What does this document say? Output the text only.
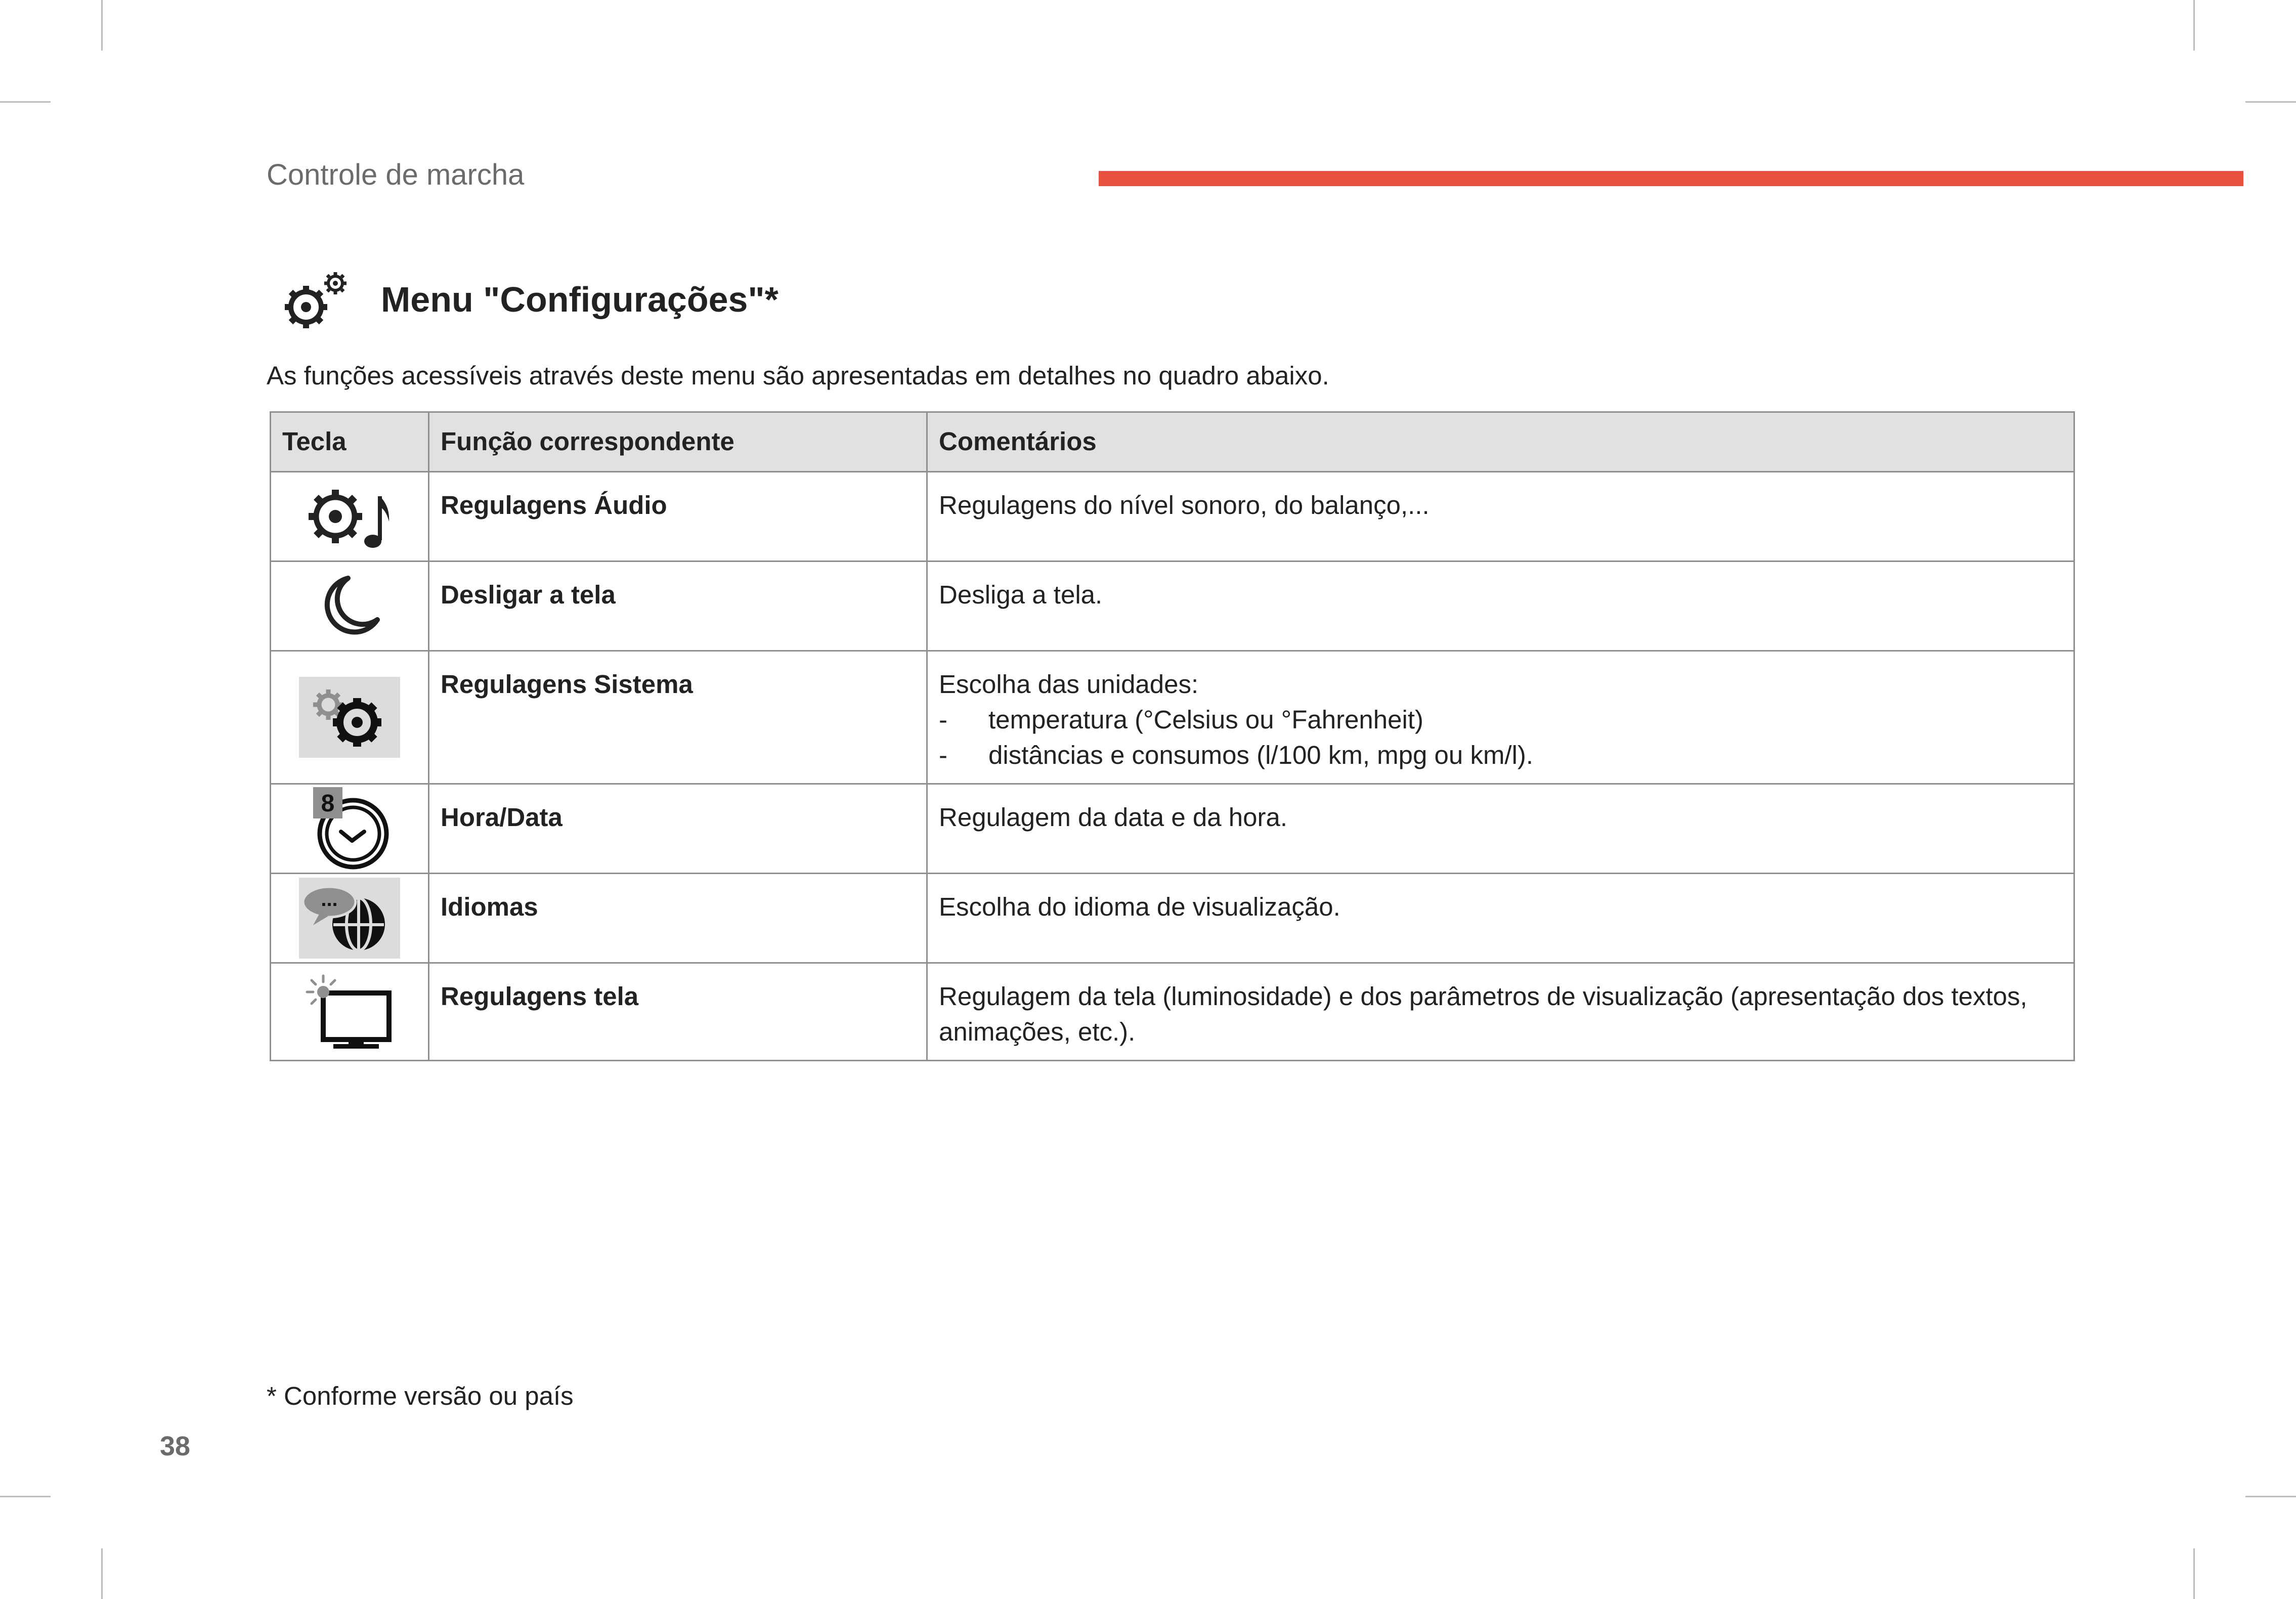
Controle de marcha
Menu "Configurações"*
As funções acessíveis através deste menu são apresentadas em detalhes no quadro abaixo.
Tecla	Função correspondente	Comentários

	Regulagens Áudio	Regulagens do nível sonoro, do balanço,...

	Desligar a tela	Desliga a tela.

	Regulagens Sistema	Escolha das unidades:
- temperatura (°Celsius ou °Fahrenheit)
- distâncias e consumos (l/100 km, mpg ou km/l).

8	Hora/Data	Regulagem da data e da hora.

...	Idiomas	Escolha do idioma de visualização.

	Regulagens tela	Regulagem da tela (luminosidade) e dos parâmetros de visualização (apresentação dos textos, animações, etc.).
* Conforme versão ou país
38
